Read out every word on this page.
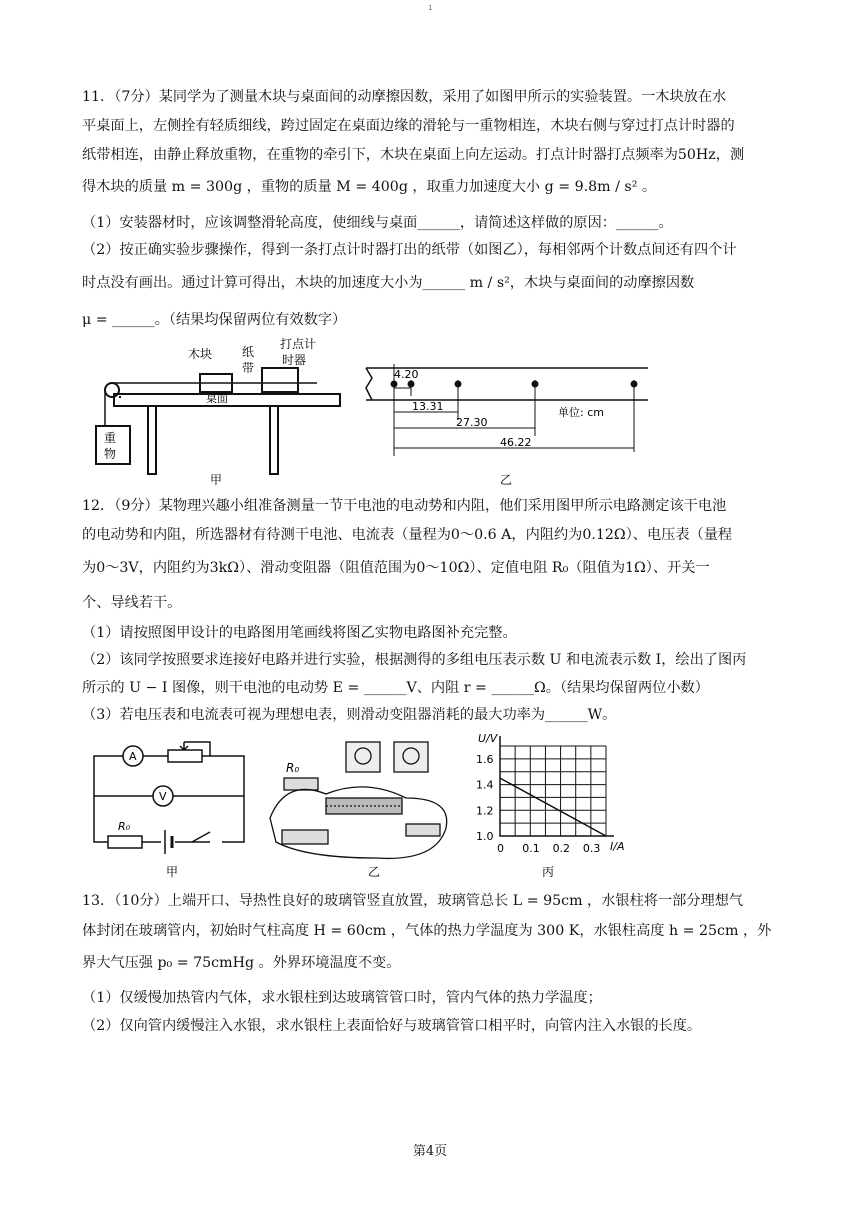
1
11．（7分）某同学为了测量木块与桌面间的动摩擦因数，采用了如图甲所示的实验装置。一木块放在水
平桌面上，左侧拴有轻质细线，跨过固定在桌面边缘的滑轮与一重物相连，木块右侧与穿过打点计时器的
纸带相连，由静止释放重物，在重物的牵引下，木块在桌面上向左运动。打点计时器打点频率为50Hz，测
得木块的质量 m = 300g ，重物的质量 M = 400g ，取重力加速度大小 g = 9.8m / s² 。
（1）安装器材时，应该调整滑轮高度，使细线与桌面______，请简述这样做的原因：______。
（2）按正确实验步骤操作，得到一条打点计时器打出的纸带（如图乙），每相邻两个计数点间还有四个计
时点没有画出。通过计算可得出，木块的加速度大小为______ m / s²，木块与桌面间的动摩擦因数
μ = ______。（结果均保留两位有效数字）
木块 纸
带
打点计
时器
桌面
重
物
甲
4.20
13.31
27.30
46.22
单位: cm
乙
12．（9分）某物理兴趣小组准备测量一节干电池的电动势和内阻，他们采用图甲所示电路测定该干电池
的电动势和内阻，所选器材有待测干电池、电流表（量程为0～0.6 A，内阻约为0.12Ω）、电压表（量程
为0～3V，内阻约为3kΩ）、滑动变阻器（阻值范围为0～10Ω）、定值电阻 R₀（阻值为1Ω）、开关一
个、导线若干。
（1）请按照图甲设计的电路图用笔画线将图乙实物电路图补充完整。
（2）该同学按照要求连接好电路并进行实验，根据测得的多组电压表示数 U 和电流表示数 I，绘出了图丙
所示的 U − I 图像，则干电池的电动势 E = ______V、内阻 r = ______Ω。（结果均保留两位小数）
（3）若电压表和电流表可视为理想电表，则滑动变阻器消耗的最大功率为______W。
A
V
R₀
甲
R₀
乙
1.0
1.2
1.4
1.6
0 0.1 0.2 0.3
U/V
I/A
丙
13．（10分）上端开口、导热性良好的玻璃管竖直放置，玻璃管总长 L = 95cm ，水银柱将一部分理想气
体封闭在玻璃管内，初始时气柱高度 H = 60cm ，气体的热力学温度为 300 K，水银柱高度 h = 25cm ，外
界大气压强 p₀ = 75cmHg 。外界环境温度不变。
（1）仅缓慢加热管内气体，求水银柱到达玻璃管管口时，管内气体的热力学温度；
（2）仅向管内缓慢注入水银，求水银柱上表面恰好与玻璃管管口相平时，向管内注入水银的长度。
第4页
